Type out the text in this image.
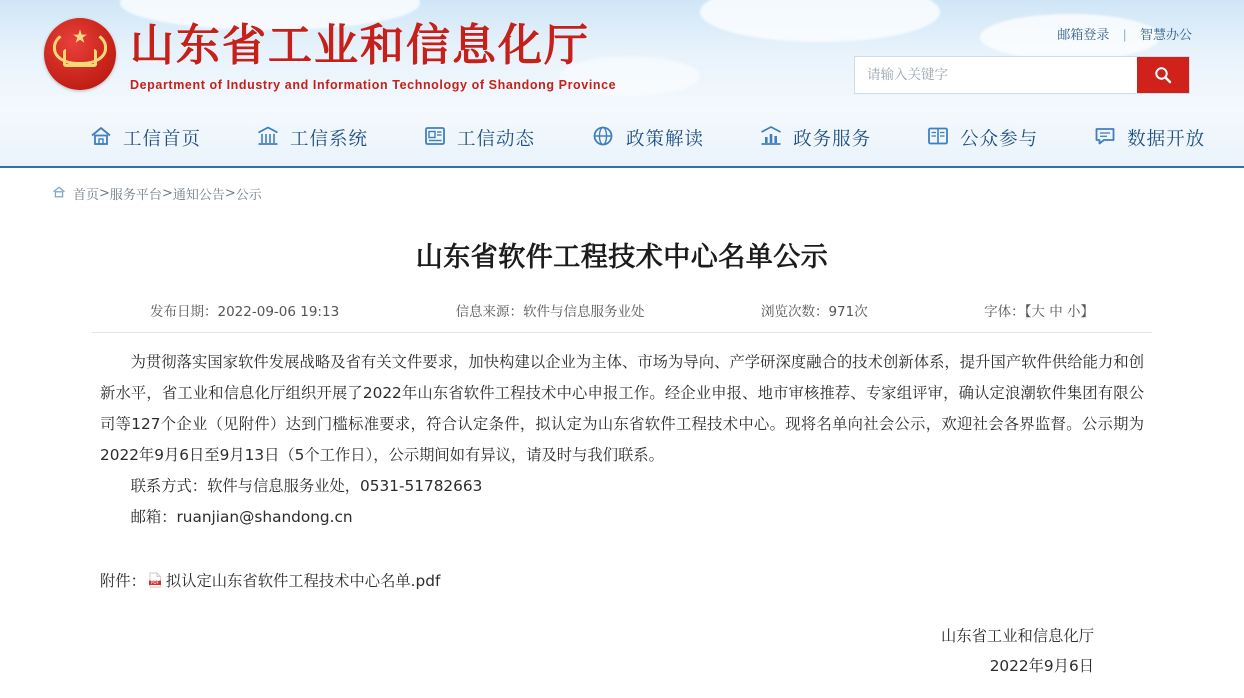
★ 山东省工业和信息化厅
Department of Industry and Information Technology of Shandong Province
邮箱登录 | 智慧办公
请输入关键字
工信首页	工信系统	工信动态	政策解读	政务服务	公众参与	数据开放
首页 > 服务平台 > 通知公告 > 公示
山东省软件工程技术中心名单公示
发布日期：2022-09-06 19:13	信息来源：软件与信息服务业处	浏览次数：971次	字体：【大 中 小】

为贯彻落实国家软件发展战略及省有关文件要求，加快构建以企业为主体、市场为导向、产学研深度融合的技术创新体系，提升国产软件供给能力和创新水平，省工业和信息化厅组织开展了2022年山东省软件工程技术中心申报工作。经企业申报、地市审核推荐、专家组评审，确认定浪潮软件集团有限公司等127个企业（见附件）达到门槛标准要求，符合认定条件，拟认定为山东省软件工程技术中心。现将名单向社会公示，欢迎社会各界监督。公示期为2022年9月6日至9月13日（5个工作日），公示期间如有异议，请及时与我们联系。

联系方式：软件与信息服务业处，0531-51782663

邮箱：ruanjian@shandong.cn

附件： PDF 拟认定山东省软件工程技术中心名单.pdf
山东省工业和信息化厅
2022年9月6日
